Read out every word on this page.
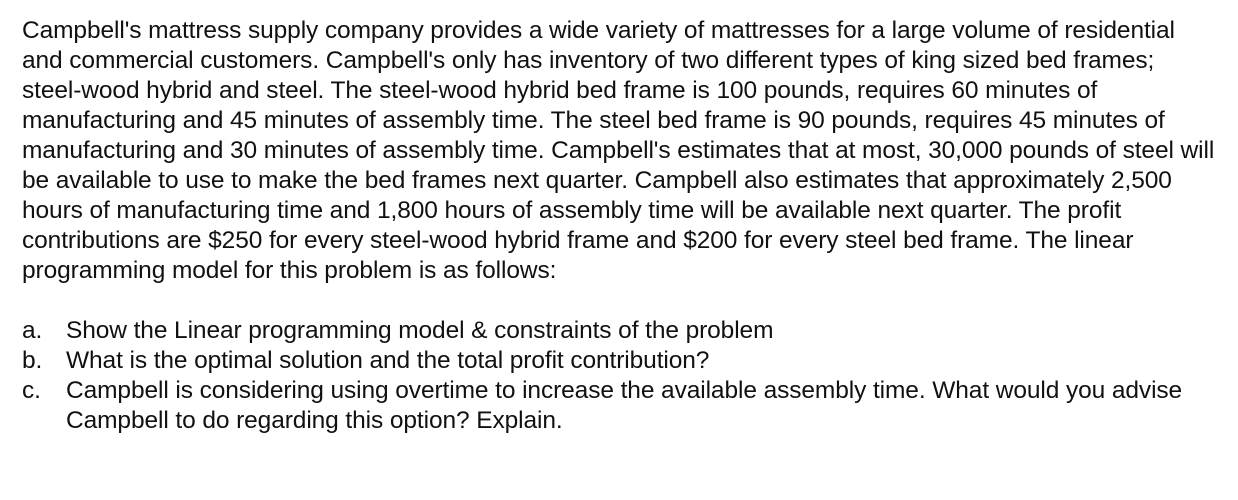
Campbell's mattress supply company provides a wide variety of mattresses for a large volume of residential and commercial customers. Campbell's only has inventory of two different types of king sized bed frames; steel-wood hybrid and steel. The steel-wood hybrid bed frame is 100 pounds, requires 60 minutes of manufacturing and 45 minutes of assembly time. The steel bed frame is 90 pounds, requires 45 minutes of manufacturing and 30 minutes of assembly time. Campbell's estimates that at most, 30,000 pounds of steel will be available to use to make the bed frames next quarter. Campbell also estimates that approximately 2,500 hours of manufacturing time and 1,800 hours of assembly time will be available next quarter. The profit contributions are $250 for every steel-wood hybrid frame and $200 for every steel bed frame. The linear programming model for this problem is as follows:

a. Show the Linear programming model & constraints of the problem
b. What is the optimal solution and the total profit contribution?
c.	Campbell is considering using overtime to increase the available assembly time. What would you advise Campbell to do regarding this option? Explain.
